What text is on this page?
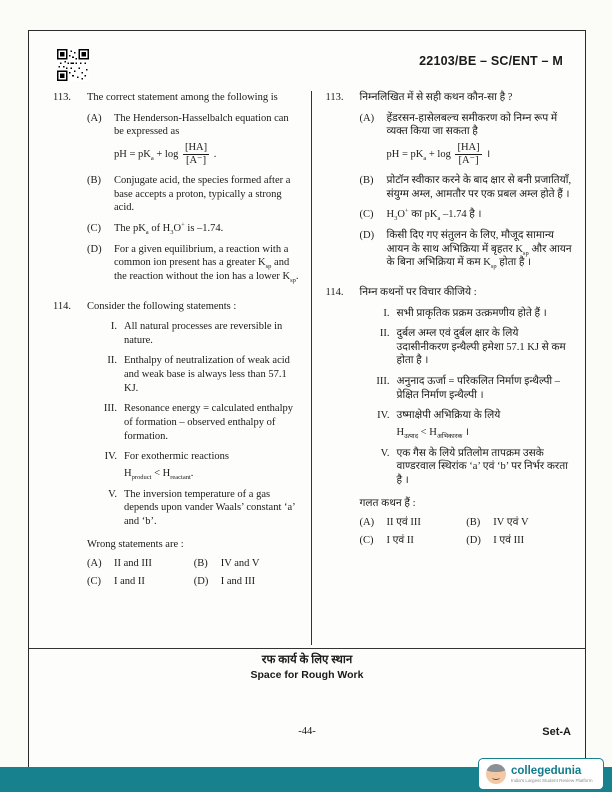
22103/BE – SC/ENT – M
113.	The correct statement among the following is
(A)	The Henderson-Hasselbalch equation can be expressed as
pH = $pK_a + \log \frac{[HA]}{[A^-]}$ .
(B)	Conjugate acid, the species formed after a base accepts a proton, typically a strong acid.
(C)	The $pK_a$ of $H_3O^+$ is –1.74.
(D)	For a given equilibrium, a reaction with a common ion present has a greater $K_{sp}$ and the reaction without the ion has a lower $K_{sp}$.
114.	Consider the following statements :
I. All natural processes are reversible in nature.
II. Enthalpy of neutralization of weak acid and weak base is always less than 57.1 KJ.
III. Resonance energy = calculated enthalpy of formation – observed enthalpy of formation.
IV. For exothermic reactions
$H_{product} < H_{reactant}$.
V. The inversion temperature of a gas depends upon vander Waals’ constant ‘a’ and ‘b’.
Wrong statements are :
(A)	II and III	(B)	IV and V
(C)	I and II	(D)	I and III
113.	निम्नलिखित में से सही कथन कौन-सा है ?
(A)	हेंडरसन-हासेलबल्च समीकरण को निम्न रूप में व्यक्त किया जा सकता है
pH = $pK_a + \log \frac{[HA]}{[A^-]}$ ।
(B)	प्रोटॉन स्वीकार करने के बाद क्षार से बनी प्रजातियाँ, संयुग्म अम्ल, आमतौर पर एक प्रबल अम्ल होते हैं ।
(C)	$H_3O^+$ का $pK_a$ –1.74 है ।
(D)	किसी दिए गए संतुलन के लिए, मौजूद सामान्य आयन के साथ अभिक्रिया में बृहतर $K_{sp}$ और आयन के बिना अभिक्रिया में कम $K_{sp}$ होता है ।
114.	निम्न कथनों पर विचार कीजिये :
I. सभी प्राकृतिक प्रक्रम उत्क्रमणीय होते हैं ।
II. दुर्बल अम्ल एवं दुर्बल क्षार के लिये उदासीनीकरण इन्थैल्पी हमेशा 57.1 KJ से कम होता है ।
III. अनुनाद ऊर्जा = परिकलित निर्माण इन्थैल्पी – प्रेक्षित निर्माण इन्थैल्पी ।
IV. उष्माक्षेपी अभिक्रिया के लिये
$H_{उत्पाद} < H_{अभिकारक}$ ।
V. एक गैस के लिये प्रतिलोम तापक्रम उसके वाण्डरवाल स्थिरांक ‘a’ एवं ‘b’ पर निर्भर करता है ।
गलत कथन हैं :
(A)	II एवं III	(B)	IV एवं V
(C)	I एवं II	(D)	I एवं III
रफ कार्य के लिए स्थान
Space for Rough Work
-44-	Set-A
collegedunia
India's Largest Student Review Platform
